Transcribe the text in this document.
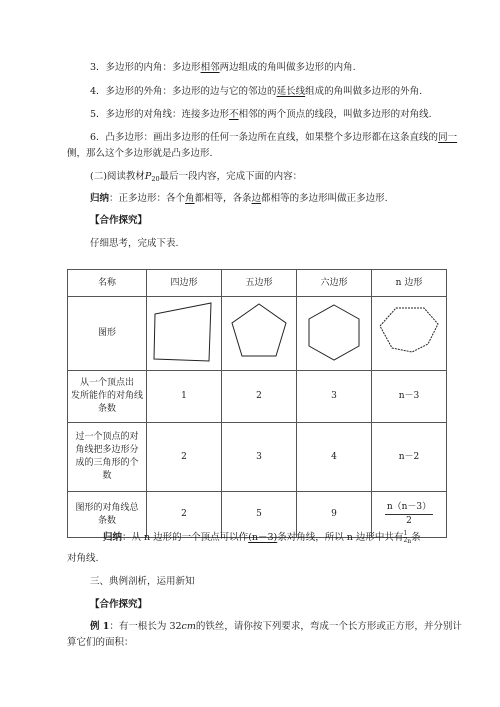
3．多边形的内角：多边形相邻两边组成的角叫做多边形的内角.
4．多边形的外角：多边形的边与它的邻边的延长线组成的角叫做多边形的外角.
5．多边形的对角线：连接多边形不相邻的两个顶点的线段，叫做多边形的对角线.
6．凸多边形：画出多边形的任何一条边所在直线，如果整个多边形都在这条直线的同一
侧，那么这个多边形就是凸多边形.
(二)阅读教材$P_{20}$最后一段内容，完成下面的内容：
归纳：正多边形：各个角都相等，各条边都相等的多边形叫做正多边形.
【合作探究】
仔细思考，完成下表.
名称	四边形	五边形	六边形	n 边形
图形				
从一个顶点出
发所能作的对角线
条数	1	2	3	n－3
过一个顶点的对
角线把多边形分
成的三角形的个
数	2	3	4	n－2
图形的对角线总
条数	2	5	9	$\frac{n(n-3)}{2}$
归纳：从 n 边形的一个顶点可以作(n－3)条对角线，所以 n 边形中共有 $\frac{1}{2}_n$条
对角线.
三、典例剖析，运用新知
【合作探究】
例 1：有一根长为 32cm的铁丝，请你按下列要求，弯成一个长方形或正方形，并分别计
算它们的面积：
